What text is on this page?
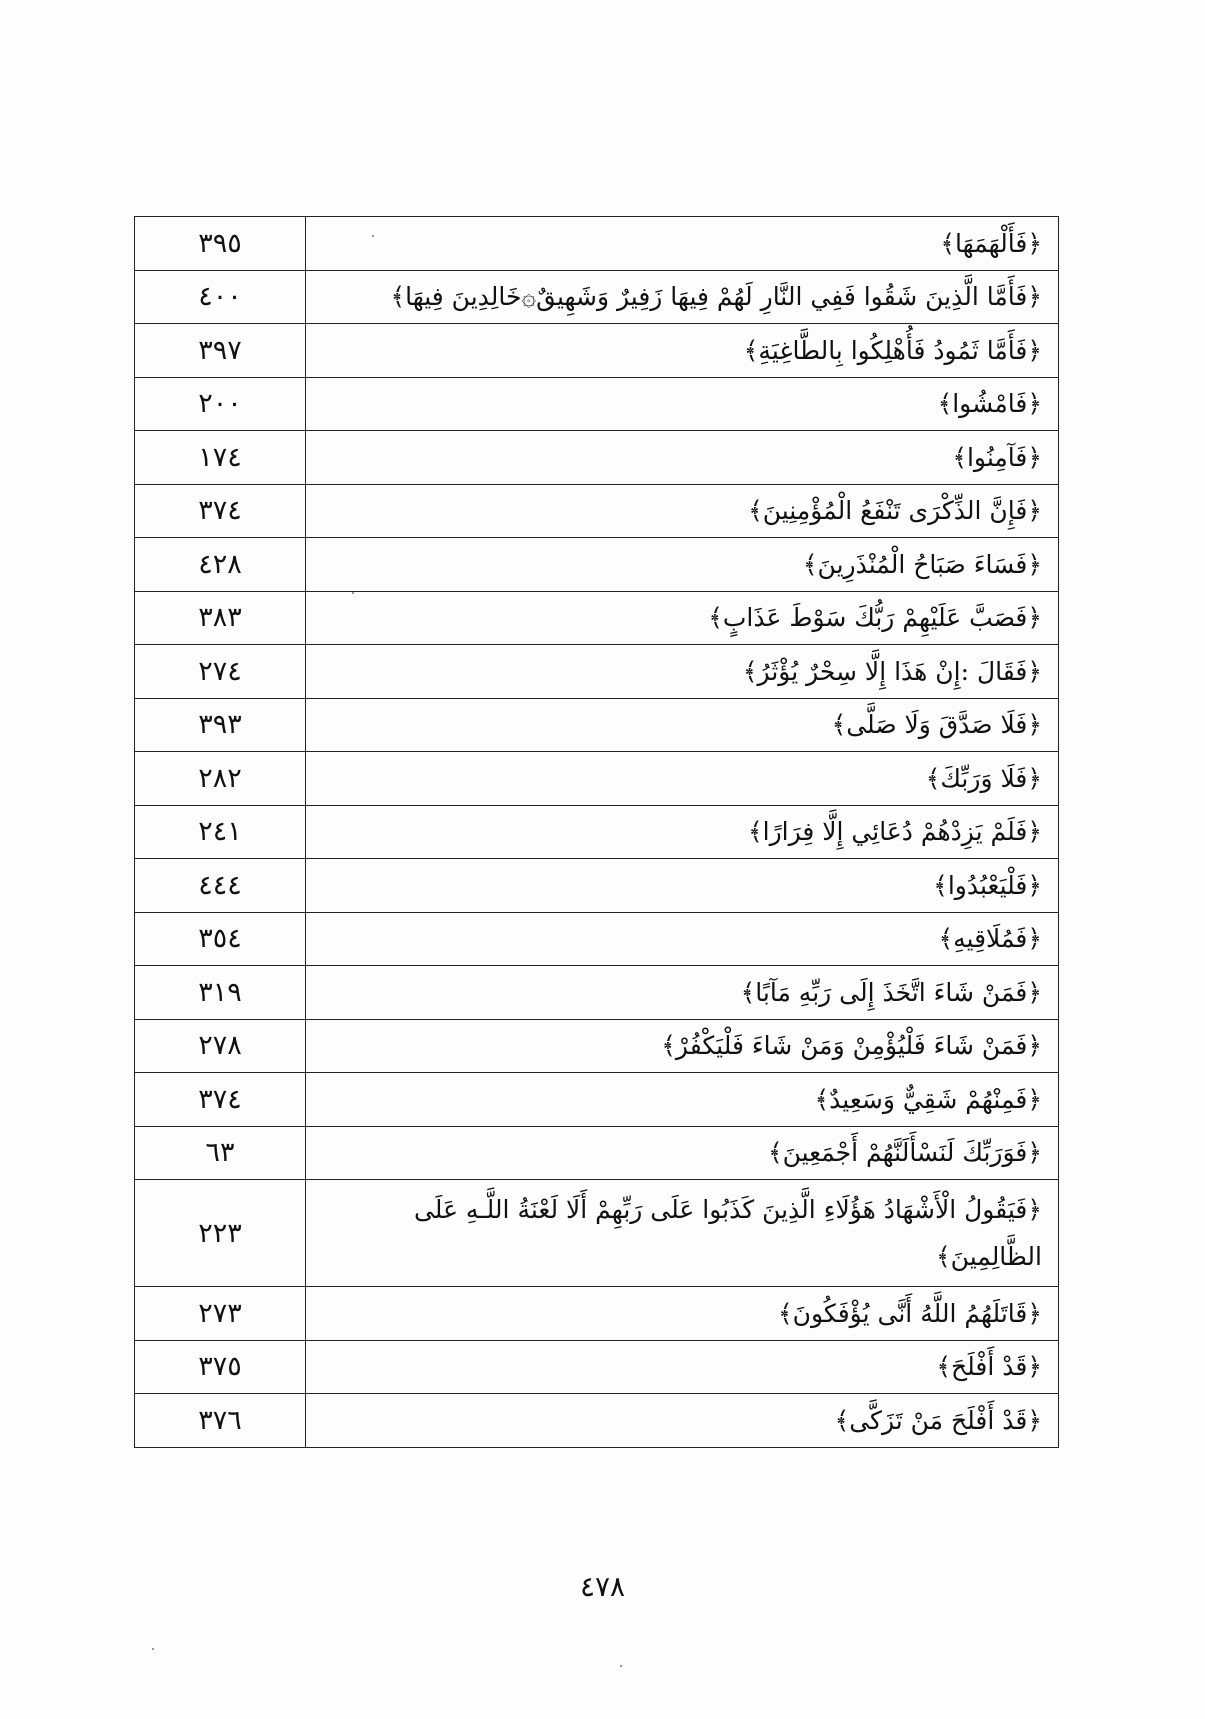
٣٩٥	﴿فَأَلْهَمَهَا﴾
٤٠٠	﴿فَأَمَّا الَّذِينَ شَقُوا فَفِي النَّارِ لَهُمْ فِيهَا زَفِيرٌ وَشَهِيقٌ۞خَالِدِينَ فِيهَا﴾
٣٩٧	﴿فَأَمَّا ثَمُودُ فَأُهْلِكُوا بِالطَّاغِيَةِ﴾
٢٠٠	﴿فَامْشُوا﴾
١٧٤	﴿فَآمِنُوا﴾
٣٧٤	﴿فَإِنَّ الذِّكْرَى تَنْفَعُ الْمُؤْمِنِينَ﴾
٤٢٨	﴿فَسَاءَ صَبَاحُ الْمُنْذَرِينَ﴾
٣٨٣	﴿فَصَبَّ عَلَيْهِمْ رَبُّكَ سَوْطَ عَذَابٍ﴾
٢٧٤	﴿فَقَالَ :إِنْ هَذَا إِلَّا سِحْرٌ يُؤْثَرُ﴾
٣٩٣	﴿فَلَا صَدَّقَ وَلَا صَلَّى﴾
٢٨٢	﴿فَلَا وَرَبِّكَ﴾
٢٤١	﴿فَلَمْ يَزِدْهُمْ دُعَائِي إِلَّا فِرَارًا﴾
٤٤٤	﴿فَلْيَعْبُدُوا﴾
٣٥٤	﴿فَمُلَاقِيهِ﴾
٣١٩	﴿فَمَنْ شَاءَ اتَّخَذَ إِلَى رَبِّهِ مَآبًا﴾
٢٧٨	﴿فَمَنْ شَاءَ فَلْيُؤْمِنْ وَمَنْ شَاءَ فَلْيَكْفُرْ﴾
٣٧٤	﴿فَمِنْهُمْ شَقِيٌّ وَسَعِيدٌ﴾
٦٣	﴿فَوَرَبِّكَ لَنَسْأَلَنَّهُمْ أَجْمَعِينَ﴾
٢٢٣	﴿فَيَقُولُ الْأَشْهَادُ هَؤُلَاءِ الَّذِينَ كَذَبُوا عَلَى رَبِّهِمْ أَلَا لَعْنَةُ اللَّـهِ عَلَى الظَّالِمِينَ﴾
٢٧٣	﴿قَاتَلَهُمُ اللَّهُ أَنَّى يُؤْفَكُونَ﴾
٣٧٥	﴿قَدْ أَفْلَحَ﴾
٣٧٦	﴿قَدْ أَفْلَحَ مَنْ تَزَكَّى﴾
٤٧٨
